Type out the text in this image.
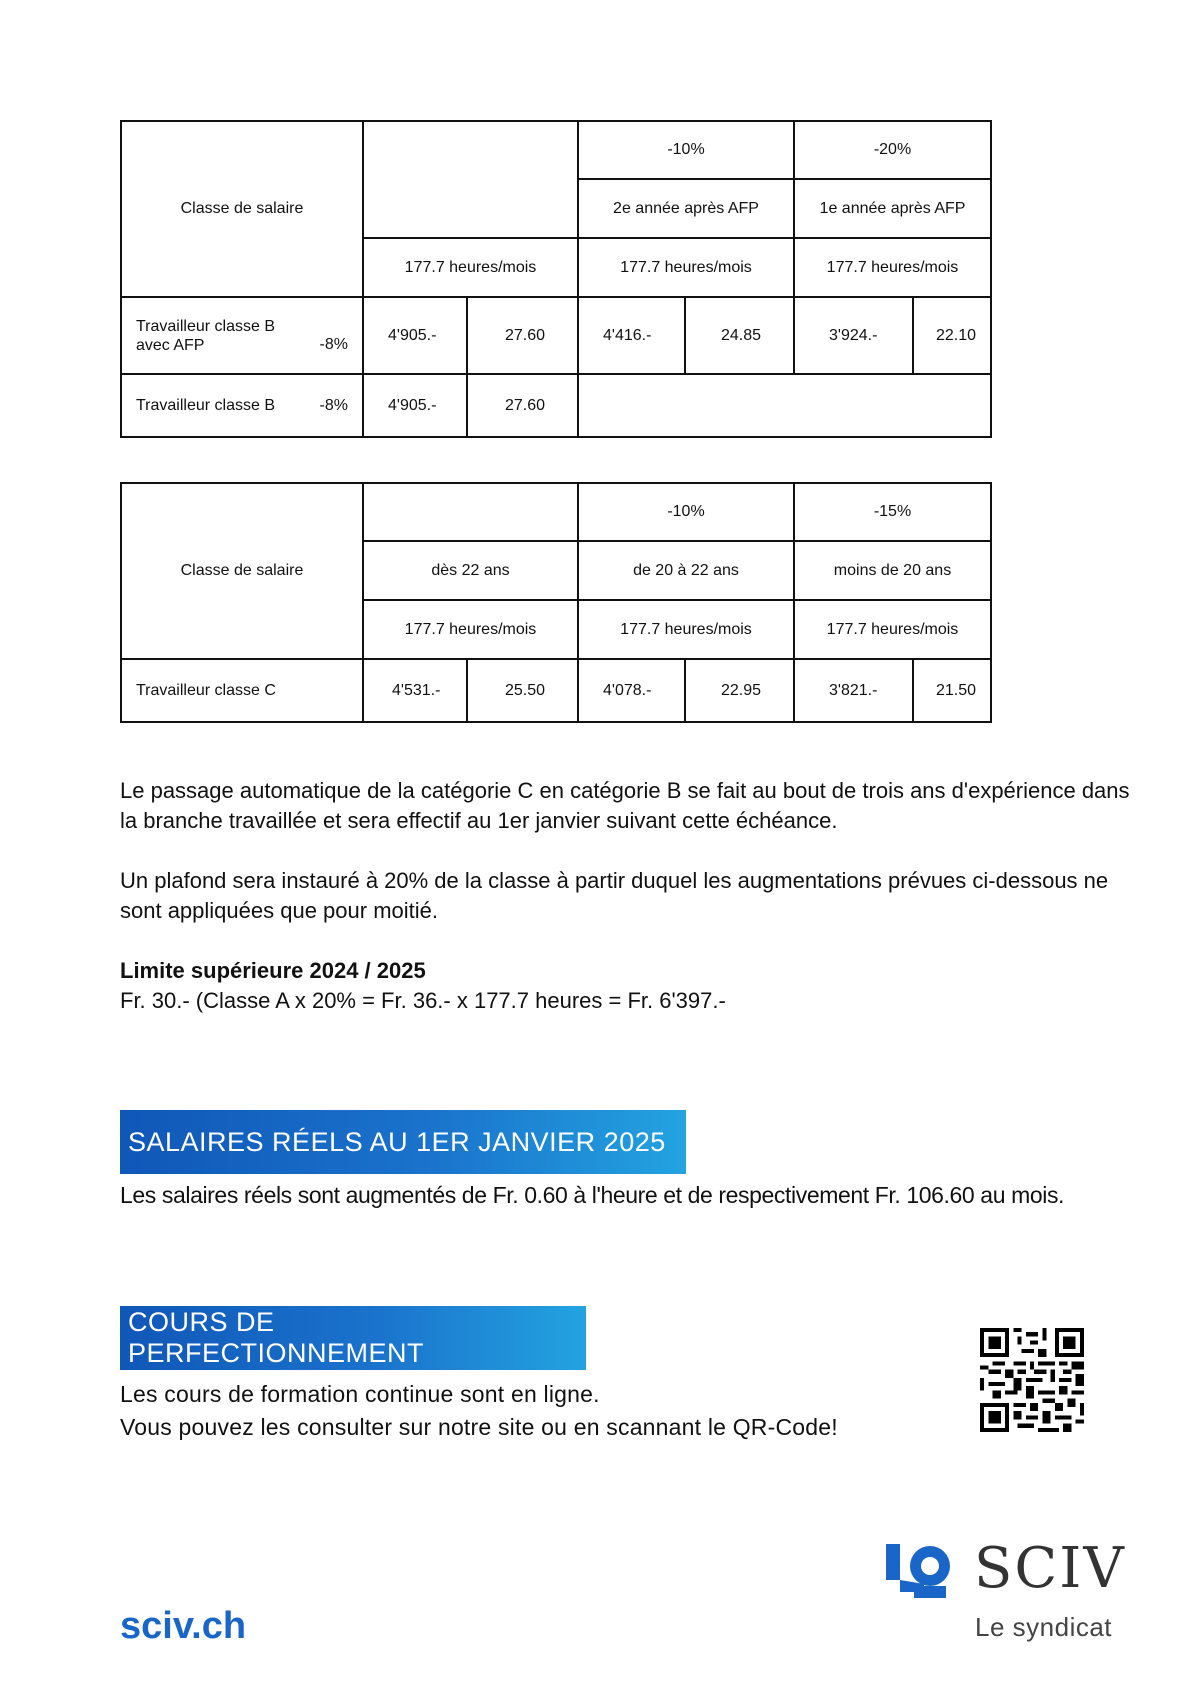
Classe de salaire			-10%		-20%	
			2e année après AFP		1e année après AFP	
	177.7 heures/mois		177.7 heures/mois		177.7 heures/mois	

Travailleur classe B avec AFP -8%	4'905.-	27.60	4'416.-	24.85	3'924.-	22.10

Travailleur classe B -8%	4'905.-	27.60				
Classe de salaire			-10%		-15%	
	dès 22 ans		de 20 à 22 ans		moins de 20 ans	
	177.7 heures/mois		177.7 heures/mois		177.7 heures/mois	
Travailleur classe C	4'531.-	25.50	4'078.-	22.95	3'821.-	21.50

Le passage automatique de la catégorie C en catégorie B se fait au bout de trois ans d'expérience dans la branche travaillée et sera effectif au 1er janvier suivant cette échéance.

Un plafond sera instauré à 20% de la classe à partir duquel les augmentations prévues ci-dessous ne sont appliquées que pour moitié.

Limite supérieure 2024 / 2025
Fr. 30.- (Classe A x 20% = Fr. 36.- x 177.7 heures = Fr. 6'397.-
SALAIRES RÉELS AU 1ER JANVIER 2025
Les salaires réels sont augmentés de Fr. 0.60 à l'heure et de respectivement Fr. 106.60 au mois.
COURS DE PERFECTIONNEMENT
Les cours de formation continue sont en ligne.
Vous pouvez les consulter sur notre site ou en scannant le QR-Code!
sciv.ch
SCIV
Le syndicat
